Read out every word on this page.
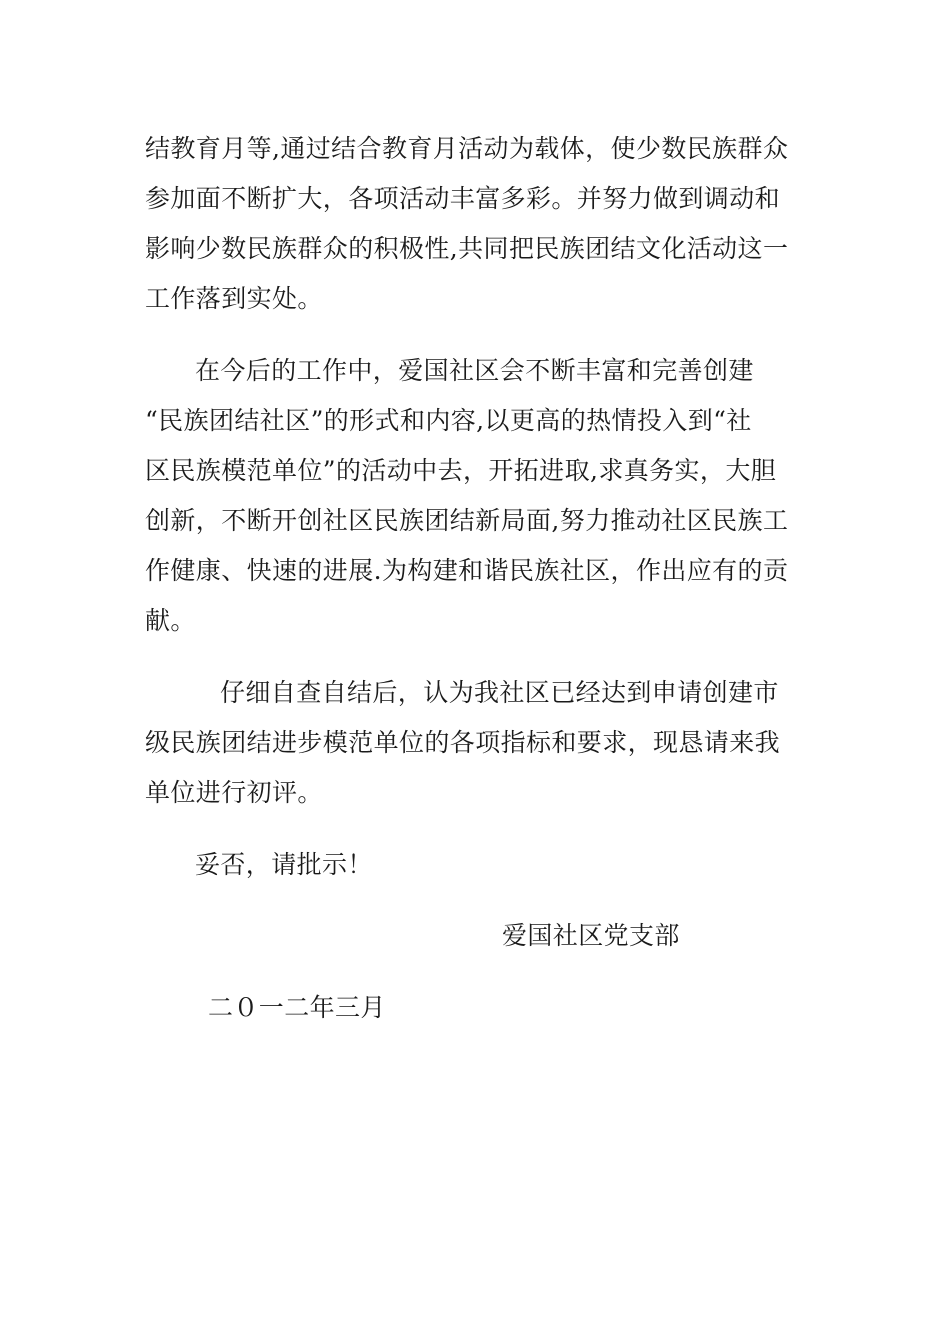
结教育月等,通过结合教育月活动为载体，使少数民族群众
参加面不断扩大，各项活动丰富多彩。并努力做到调动和
影响少数民族群众的积极性,共同把民族团结文化活动这一
工作落到实处。
在今后的工作中，爱国社区会不断丰富和完善创建
“民族团结社区”的形式和内容,以更高的热情投入到“社
区民族模范单位”的活动中去，开拓进取,求真务实，大胆
创新，不断开创社区民族团结新局面,努力推动社区民族工
作健康、快速的进展.为构建和谐民族社区，作出应有的贡
献。
仔细自查自结后，认为我社区已经达到申请创建市
级民族团结进步模范单位的各项指标和要求，现恳请来我
单位进行初评。
妥否，请批示！
爱国社区党支部
二０一二年三月
